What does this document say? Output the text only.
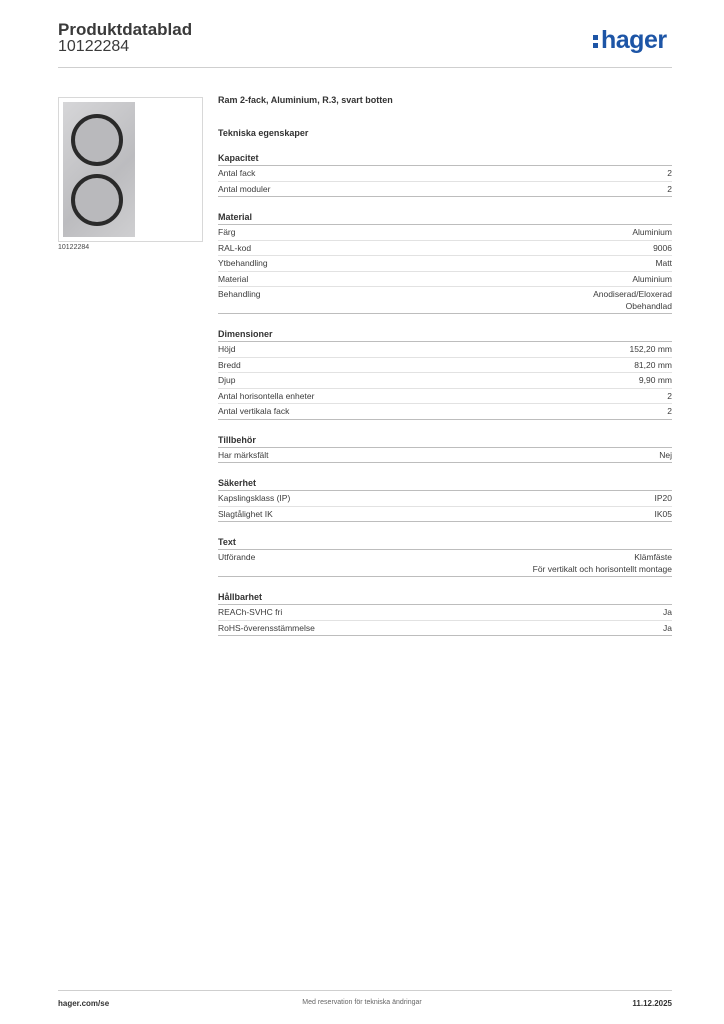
Produktdatablad
10122284	hager
10122284
Ram 2-fack, Aluminium, R.3, svart botten
Tekniska egenskaper
Kapacitet
Antal fack	2
Antal moduler	2
Material
Färg	Aluminium
RAL-kod	9006
Ytbehandling	Matt
Material	Aluminium
Behandling	Anodiserad/Eloxerad
Obehandlad
Dimensioner
Höjd	152,20 mm
Bredd	81,20 mm
Djup	9,90 mm
Antal horisontella enheter	2
Antal vertikala fack	2
Tillbehör
Har märksfält	Nej
Säkerhet
Kapslingsklass (IP)	IP20
Slagtålighet IK	IK05
Text
Utförande	Klämfäste
För vertikalt och horisontellt montage
Hållbarhet
REACh-SVHC fri	Ja
RoHS-överensstämmelse	Ja
hager.com/se	Med reservation för tekniska ändringar	11.12.2025
